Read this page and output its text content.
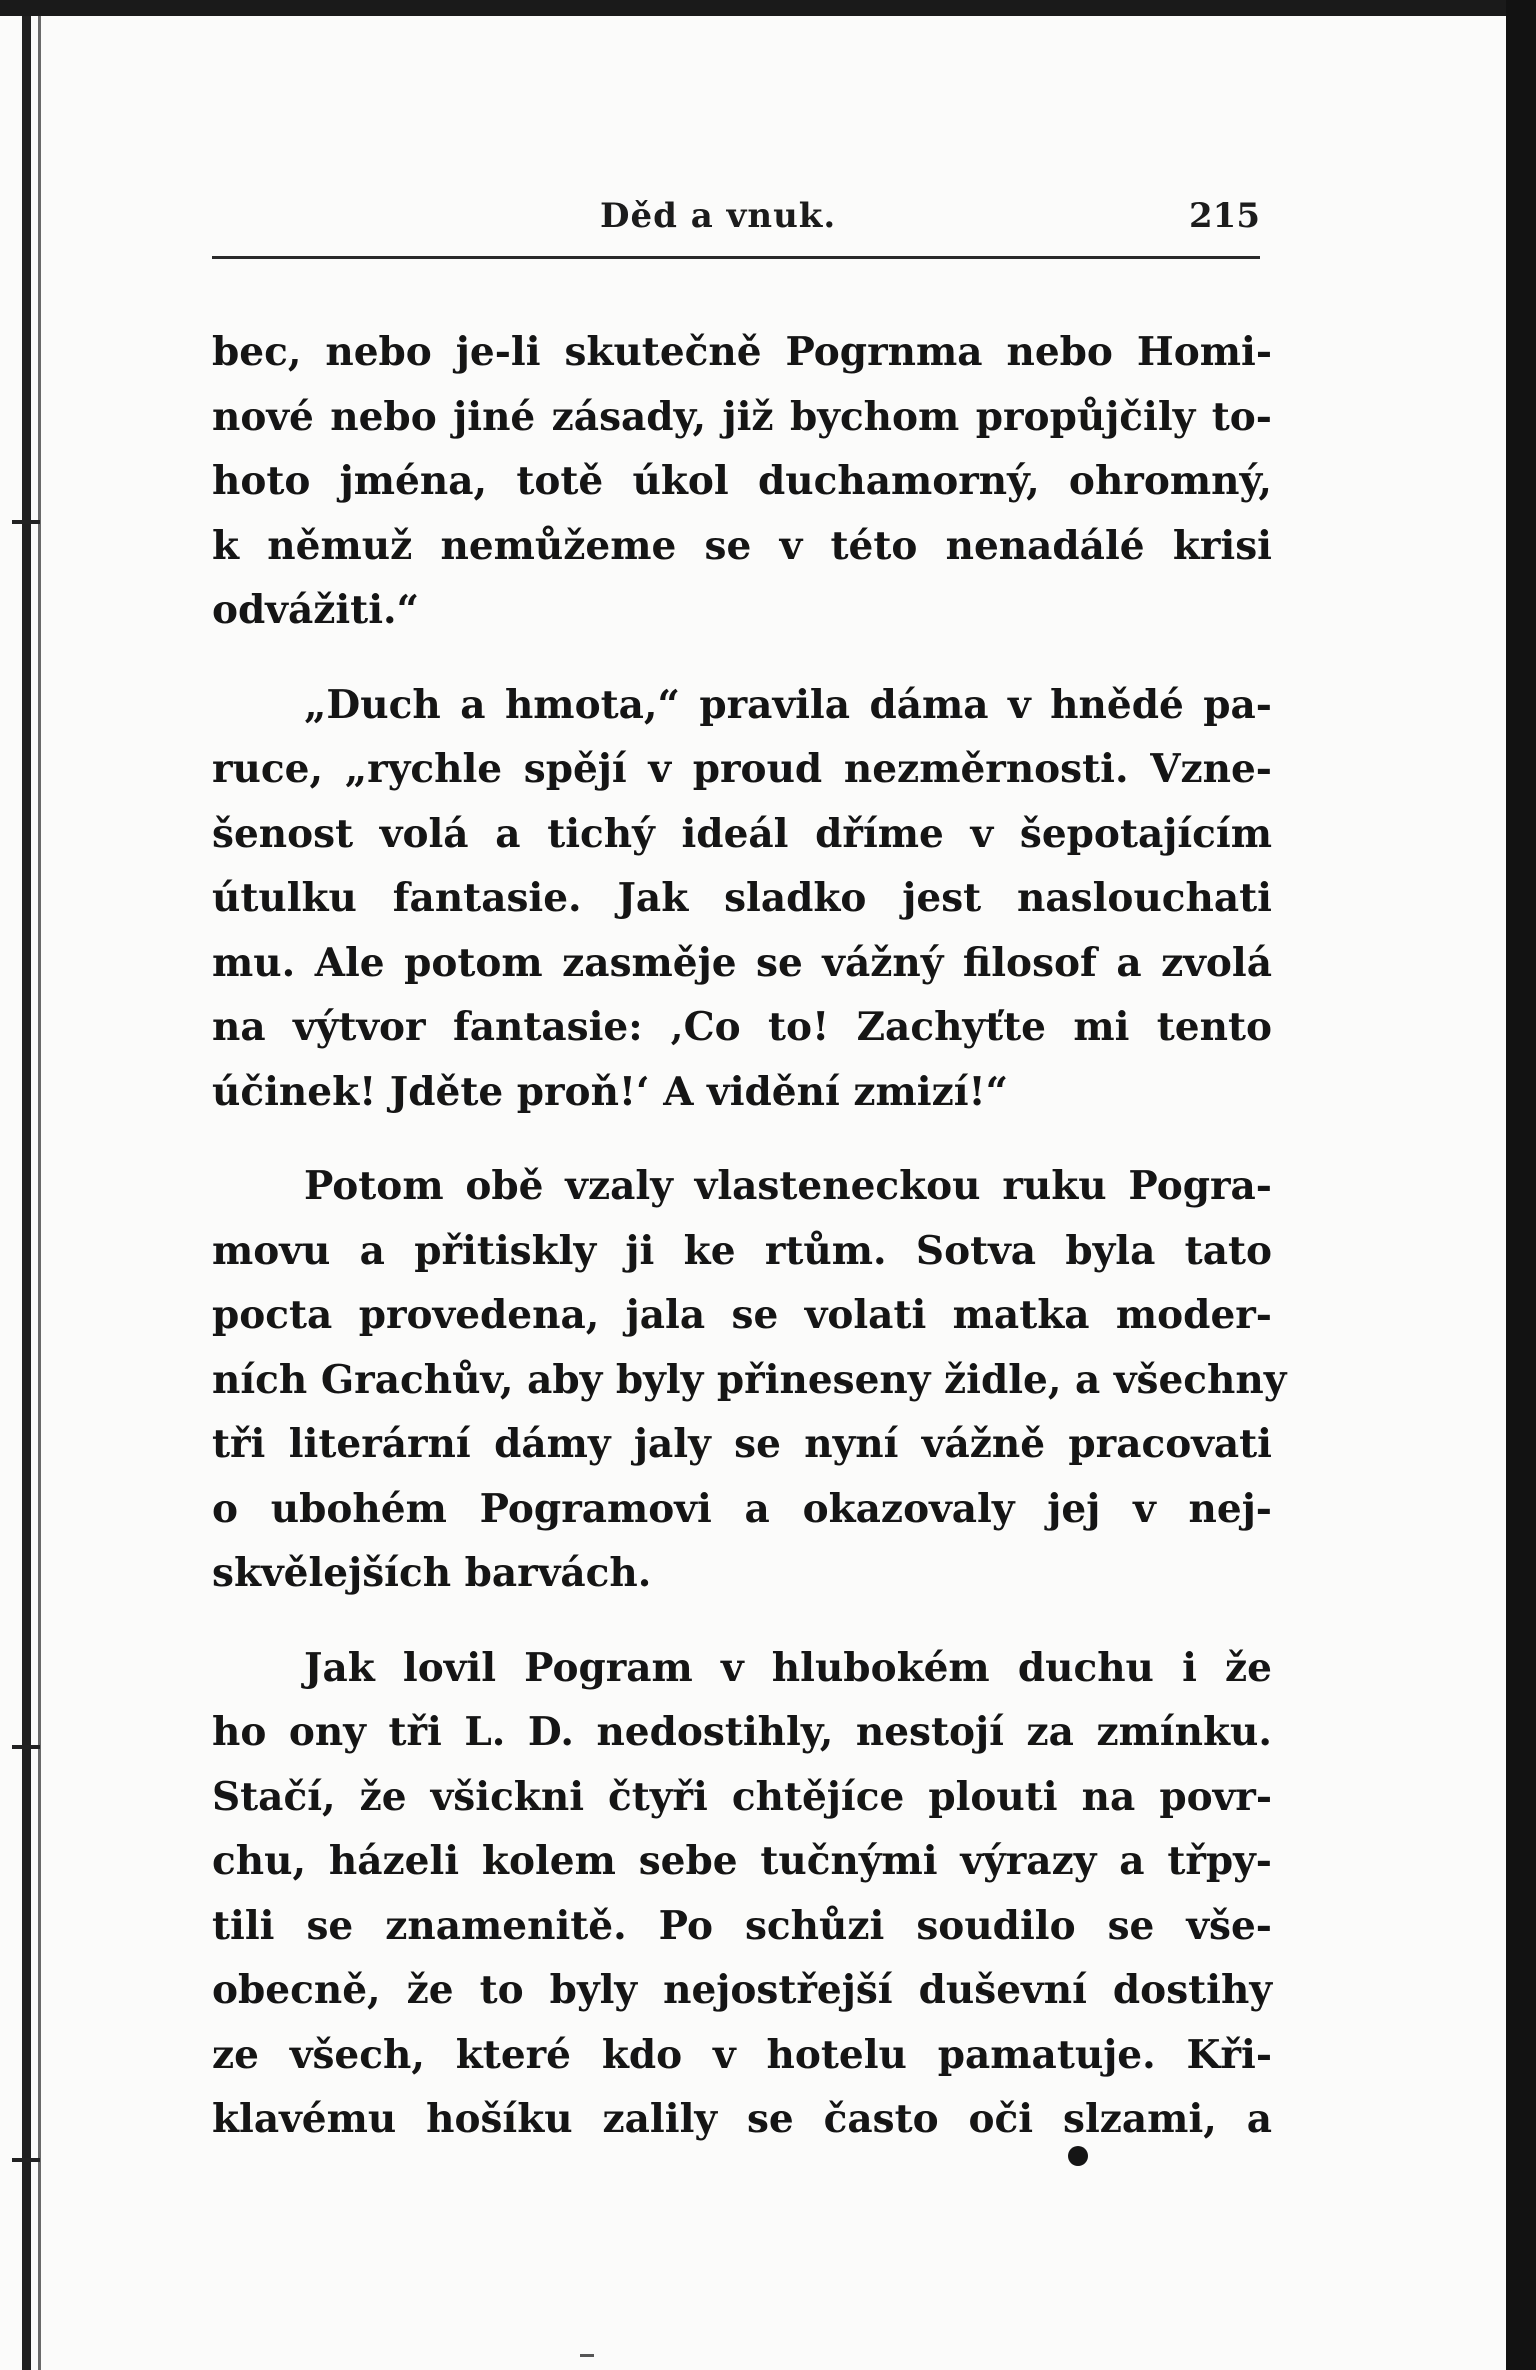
Děd a vnuk.	215
bec, nebo je-li skutečně Pogrnma nebo Homi-
nové nebo jiné zásady, již bychom propůjčily to-
hoto jména, totě úkol duchamorný, ohromný,
k němuž nemůžeme se v této nenadálé krisi
odvážiti.“
„Duch a hmota,“ pravila dáma v hnědé pa-
ruce, „rychle spějí v proud nezměrnosti. Vzne-
šenost volá a tichý ideál dříme v šepotajícím
útulku fantasie. Jak sladko jest naslouchati
mu. Ale potom zasměje se vážný filosof a zvolá
na výtvor fantasie: ‚Co to! Zachyťte mi tento
účinek! Jděte proň!‘ A vidění zmizí!“
Potom obě vzaly vlasteneckou ruku Pogra-
movu a přitiskly ji ke rtům. Sotva byla tato
pocta provedena, jala se volati matka moder-
ních Grachův, aby byly přineseny židle, a všechny
tři literární dámy jaly se nyní vážně pracovati
o ubohém Pogramovi a okazovaly jej v nej-
skvělejších barvách.
Jak lovil Pogram v hlubokém duchu i že
ho ony tři L. D. nedostihly, nestojí za zmínku.
Stačí, že všickni čtyři chtějíce plouti na povr-
chu, házeli kolem sebe tučnými výrazy a třpy-
tili se znamenitě. Po schůzi soudilo se vše-
obecně, že to byly nejostřejší duševní dostihy
ze všech, které kdo v hotelu pamatuje. Kři-
klavému hošíku zalily se často oči slzami, a
